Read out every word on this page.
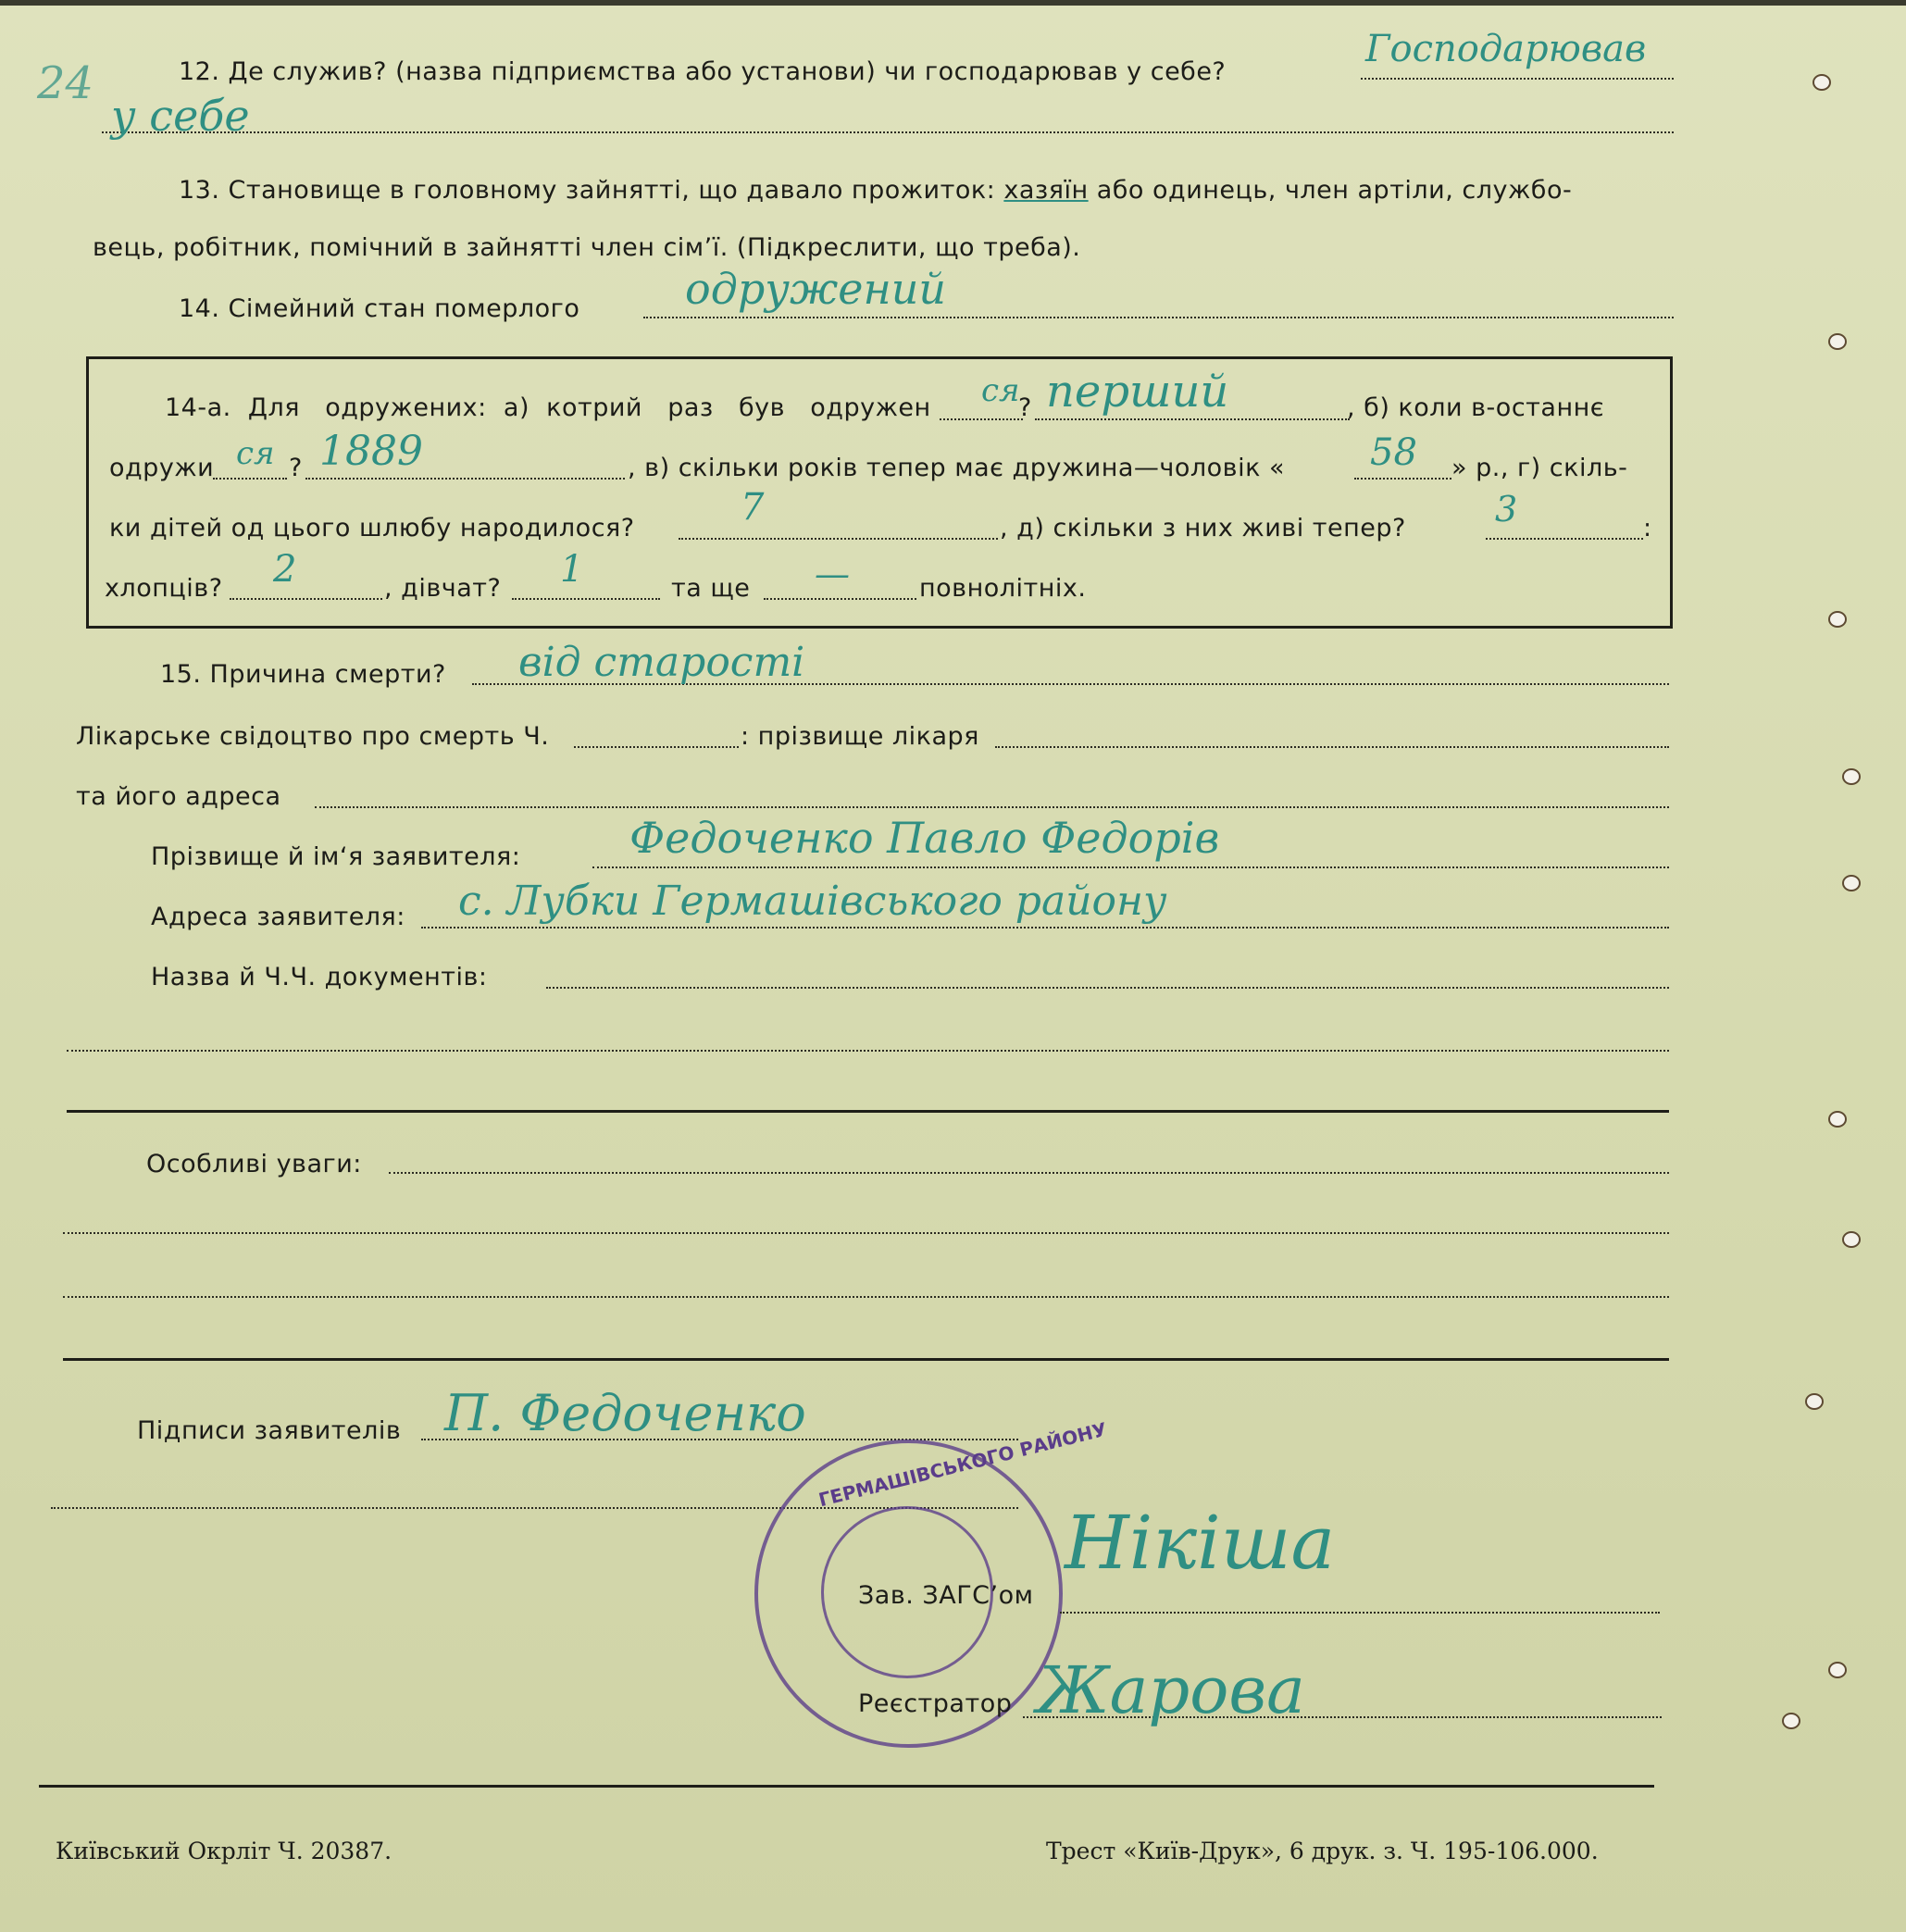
12. Де служив? (назва підприємства або установи) чи господарював у себе?
Господарював
24
у себе
13. Становище в головному зайнятті, що давало прожиток: хазяїн або одинець, член артіли, службо-
вець, робітник, помічний в зайнятті член сім’ї. (Підкреслити, що треба).
14. Сімейний стан померлого одружений
14-а.  Для   одружених:  а)  котрий   раз   був   одружен ся
? перший	, б) коли в-останнє
одружи ся ? 1889	, в) скільки років тепер має дружина—чоловік « 58 » р., г) скіль-
ки дітей од цього шлюбу народилося?	7	, д) скільки з них живі тепер?	3	:
хлопців? 2	, дівчат? 1	та ще —	повнолітніх.
15. Причина смерти? від старості
Лікарське свідоцтво про смерть Ч.	: прізвище лікаря
та його адреса
Прізвище й ім‘я заявителя:	Федоченко Павло Федорів
Адреса заявителя: с. Лубки Гермашівського району
Назва й Ч.Ч. документів:
Особливі уваги:
Підписи заявителів П. Федоченко
ГЕРМАШІВСЬКОГО РАЙОНУ
Зав. ЗАГС’ом
Нікіша
Реєстратор Жарова
Київський Окрліт Ч. 20387.	Трест «Київ-Друк», 6 друк. з. Ч. 195-106.000.
